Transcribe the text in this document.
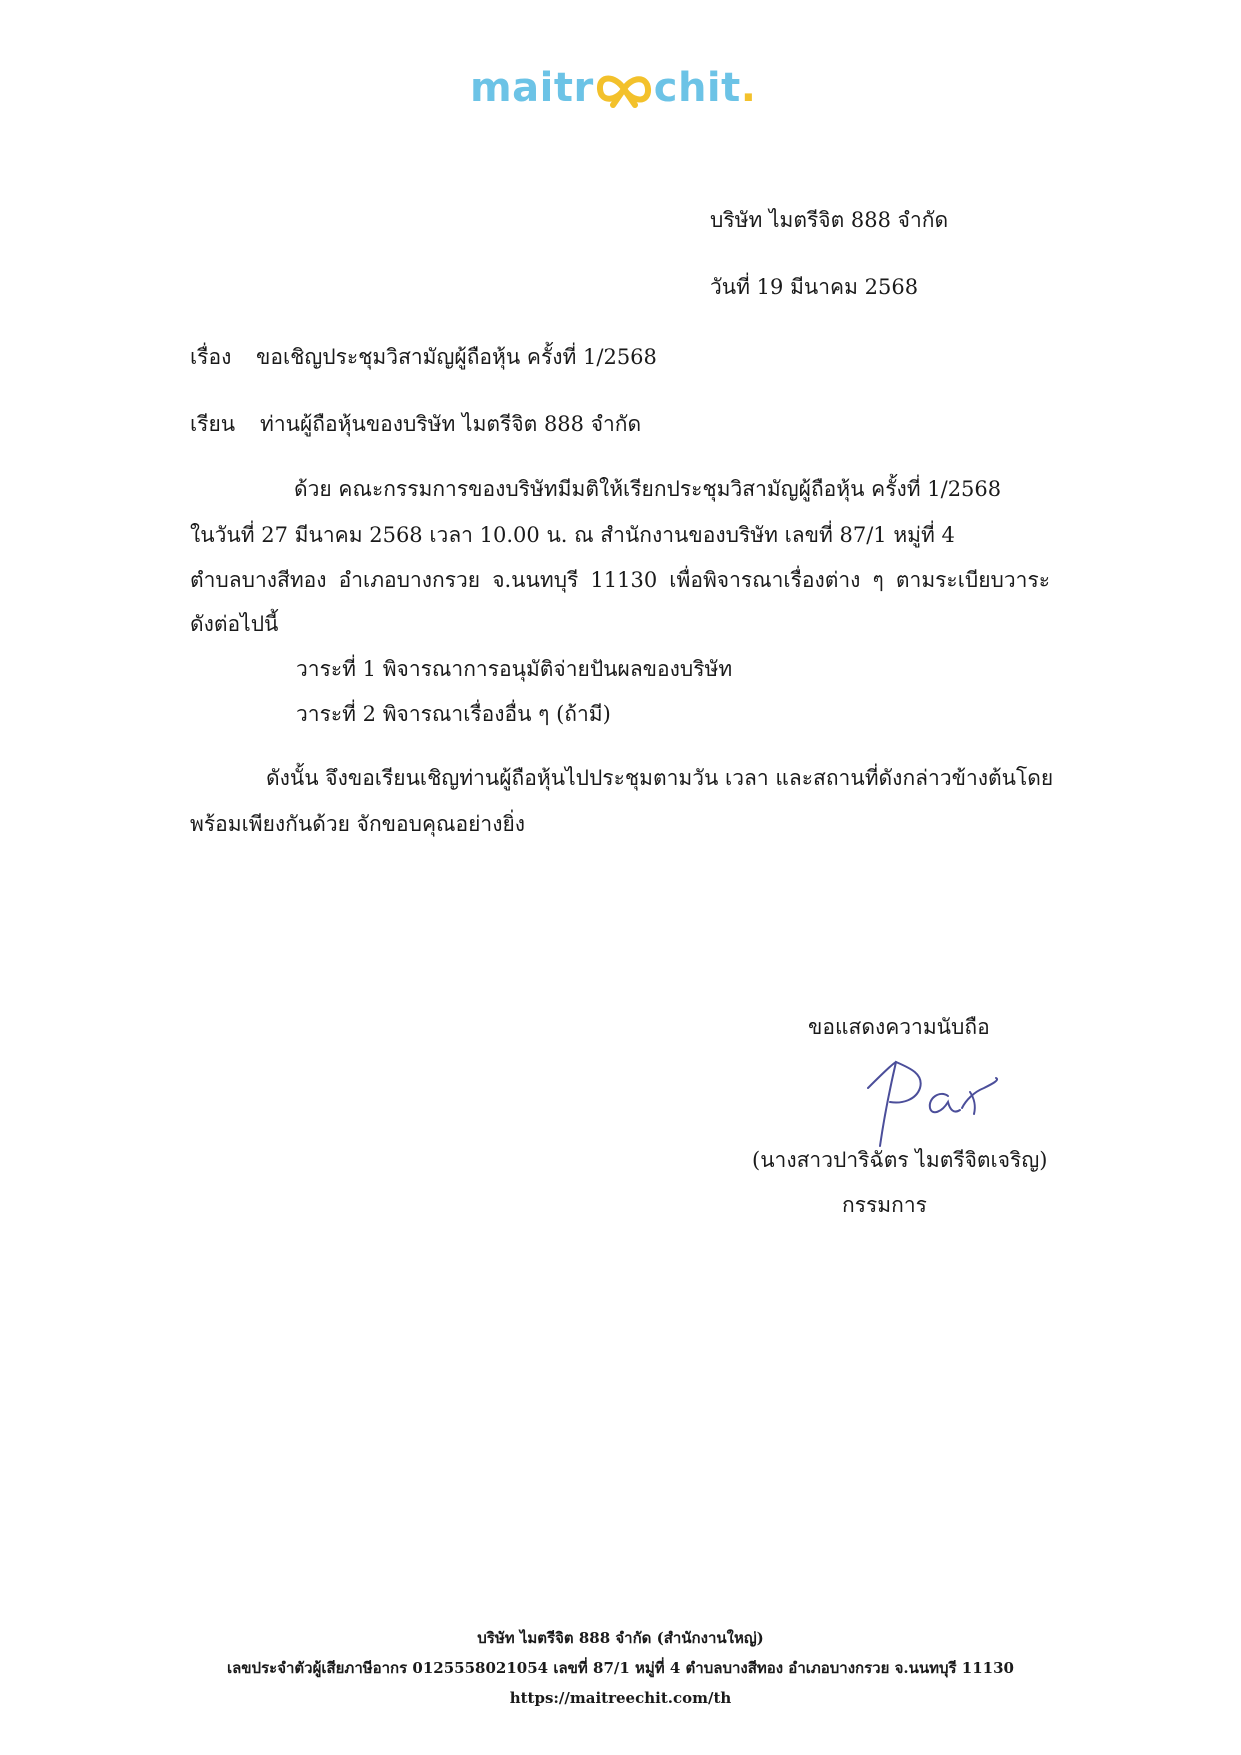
maitr chit .
บริษัท ไมตรีจิต 888 จำกัด
วันที่ 19 มีนาคม 2568
เรื่อง ขอเชิญประชุมวิสามัญผู้ถือหุ้น ครั้งที่ 1/2568
เรียน ท่านผู้ถือหุ้นของบริษัท ไมตรีจิต 888 จำกัด
ด้วย คณะกรรมการของบริษัทมีมติให้เรียกประชุมวิสามัญผู้ถือหุ้น ครั้งที่ 1/2568
ในวันที่ 27 มีนาคม 2568 เวลา 10.00 น. ณ สำนักงานของบริษัท เลขที่ 87/1 หมู่ที่ 4
ตำบลบางสีทอง อำเภอบางกรวย จ.นนทบุรี 11130 เพื่อพิจารณาเรื่องต่าง ๆ ตามระเบียบวาระ
ดังต่อไปนี้
วาระที่ 1 พิจารณาการอนุมัติจ่ายปันผลของบริษัท
วาระที่ 2 พิจารณาเรื่องอื่น ๆ (ถ้ามี)
ดังนั้น จึงขอเรียนเชิญท่านผู้ถือหุ้นไปประชุมตามวัน เวลา และสถานที่ดังกล่าวข้างต้นโดย
พร้อมเพียงกันด้วย จักขอบคุณอย่างยิ่ง
ขอแสดงความนับถือ
(นางสาวปาริฉัตร ไมตรีจิตเจริญ)
กรรมการ
บริษัท ไมตรีจิต 888 จำกัด (สำนักงานใหญ่)
เลขประจำตัวผู้เสียภาษีอากร 0125558021054 เลขที่ 87/1 หมู่ที่ 4 ตำบลบางสีทอง อำเภอบางกรวย จ.นนทบุรี 11130
https://maitreechit.com/th
